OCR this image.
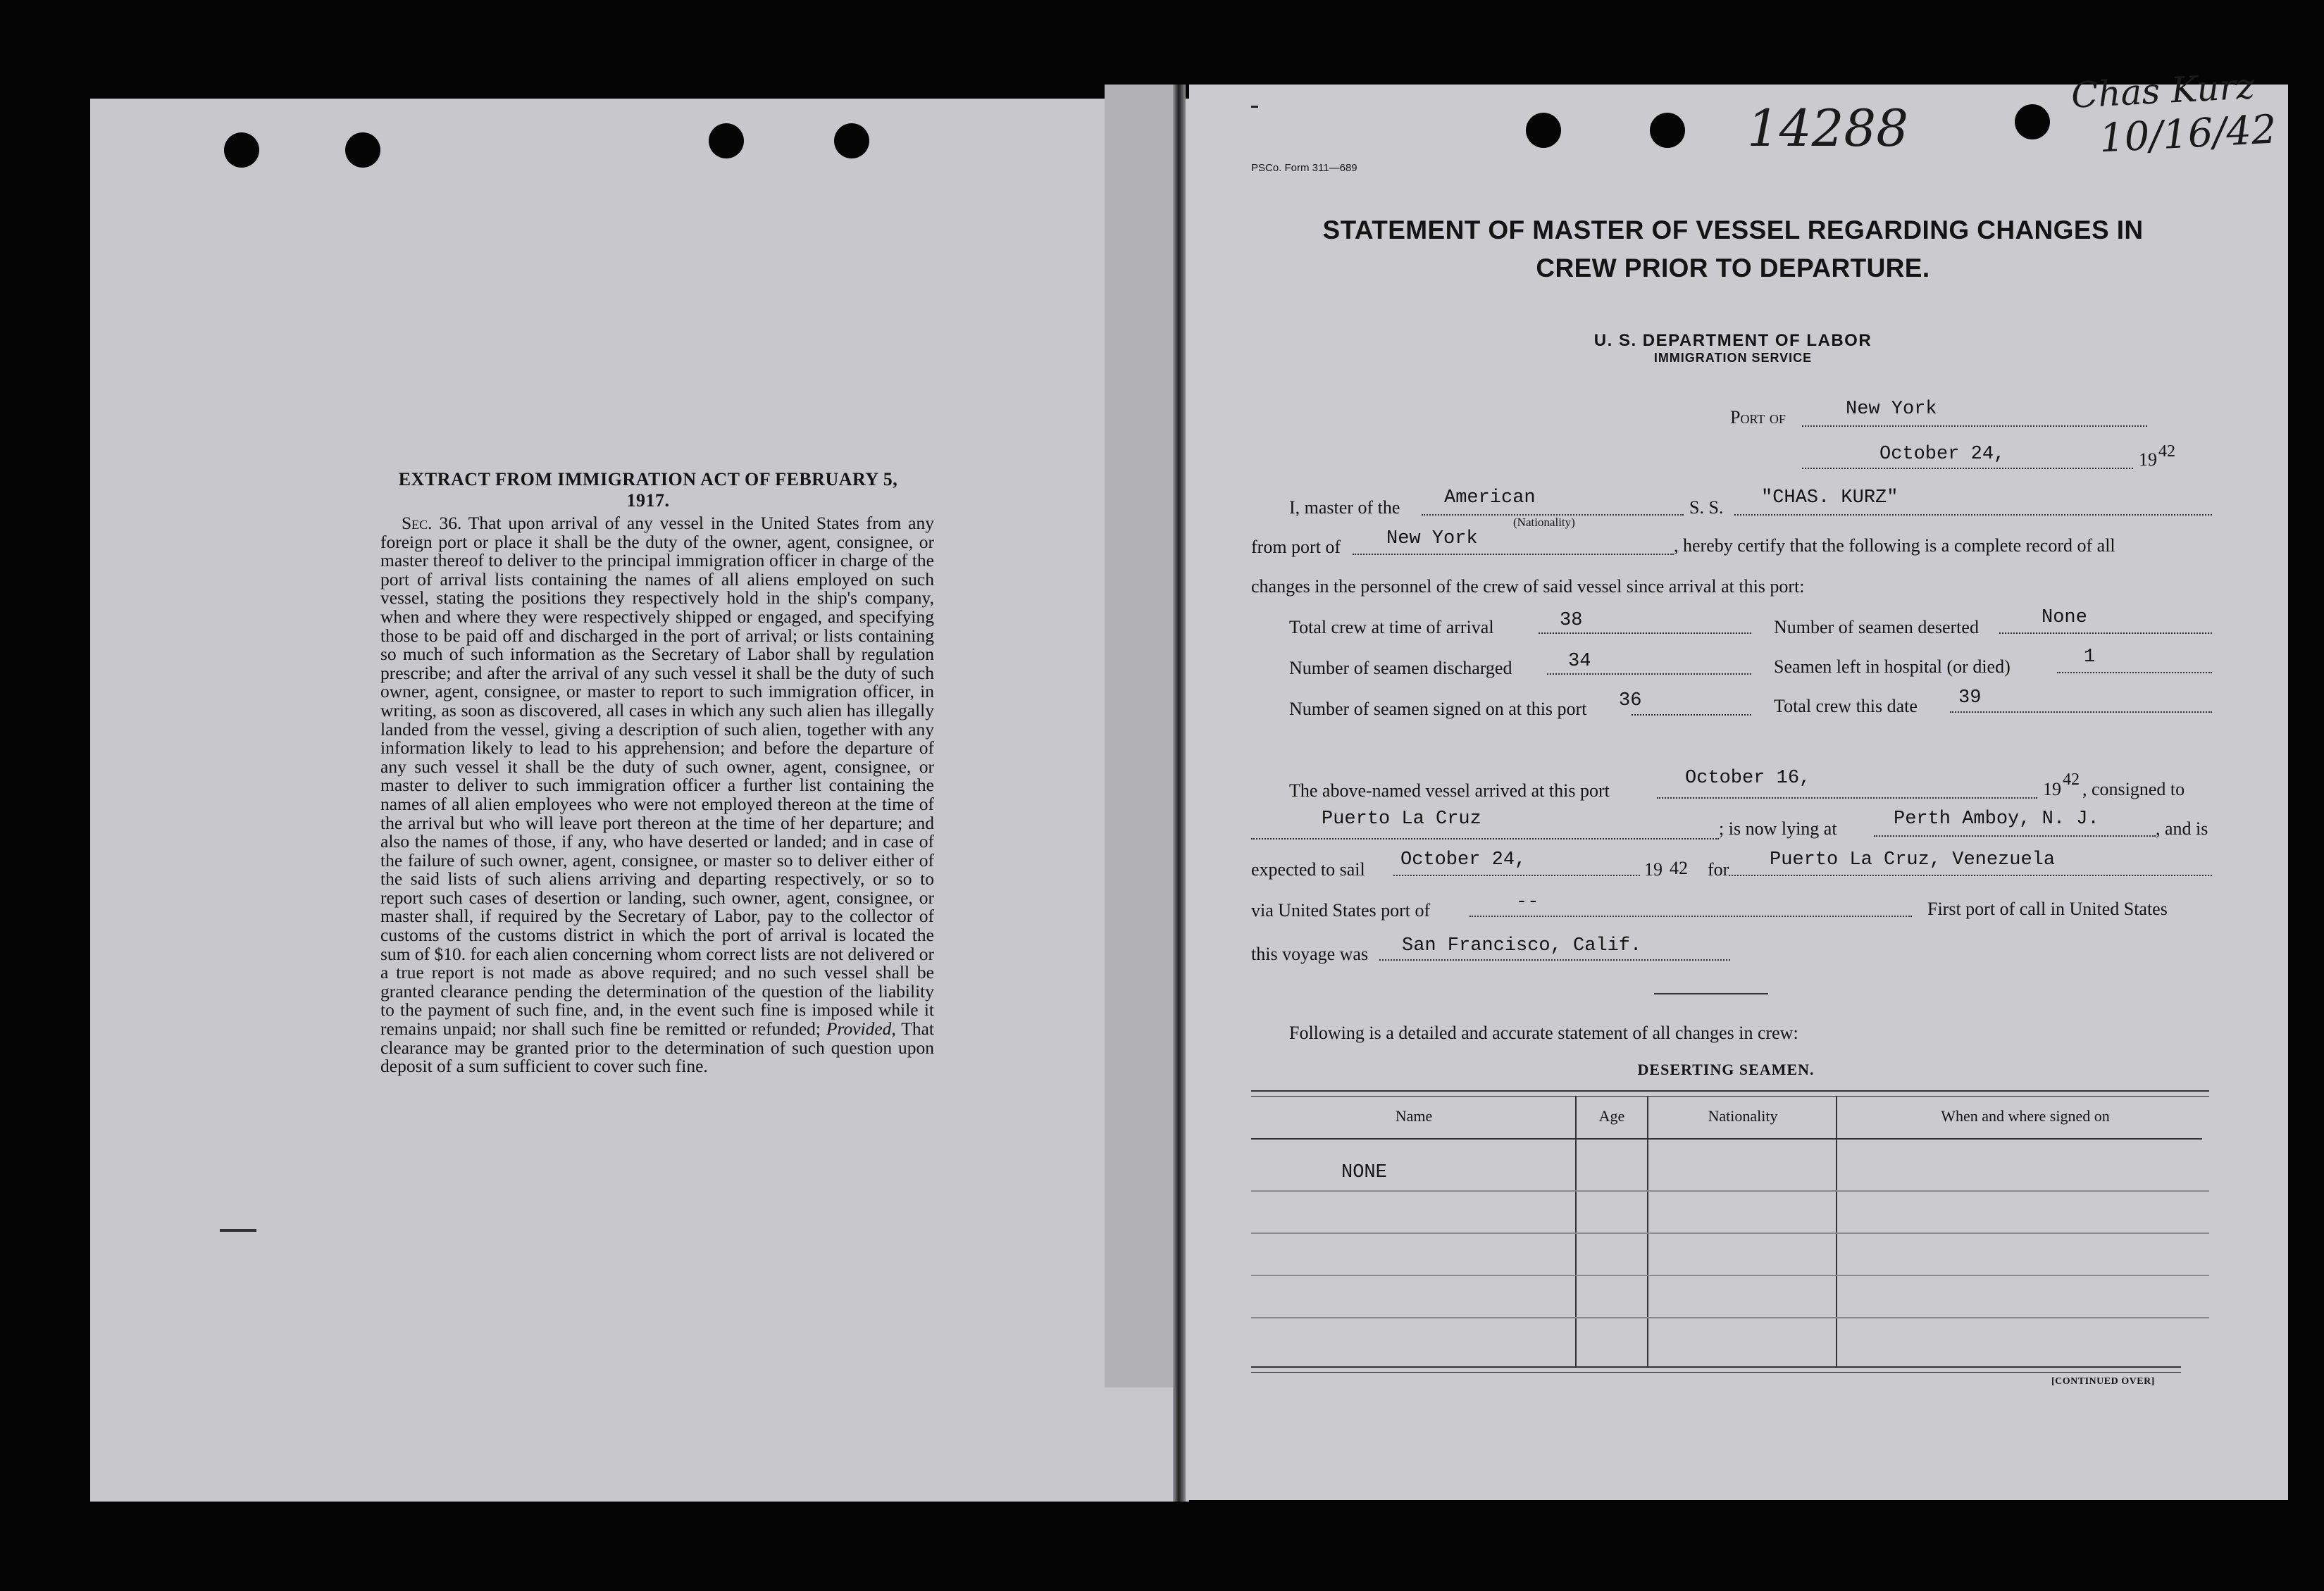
14288
Chas Kurz
10/16/42
EXTRACT FROM IMMIGRATION ACT OF FEBRUARY 5, 1917.
Sec. 36. That upon arrival of any vessel in the United States from any foreign port or place it shall be the duty of the owner, agent, consignee, or master thereof to deliver to the principal immigration officer in charge of the port of arrival lists containing the names of all aliens employed on such vessel, stating the positions they respectively hold in the ship's company, when and where they were respectively shipped or engaged, and specifying those to be paid off and discharged in the port of arrival; or lists containing so much of such information as the Secretary of Labor shall by regulation prescribe; and after the arrival of any such vessel it shall be the duty of such owner, agent, consignee, or master to report to such immigration officer, in writing, as soon as discovered, all cases in which any such alien has illegally landed from the vessel, giving a description of such alien, together with any information likely to lead to his apprehension; and before the departure of any such vessel it shall be the duty of such owner, agent, consignee, or master to deliver to such immigration officer a further list containing the names of all alien employees who were not employed thereon at the time of the arrival but who will leave port thereon at the time of her departure; and also the names of those, if any, who have deserted or landed; and in case of the failure of such owner, agent, consignee, or master so to deliver either of the said lists of such aliens arriving and departing respectively, or so to report such cases of desertion or landing, such owner, agent, consignee, or master shall, if required by the Secretary of Labor, pay to the collector of customs of the customs district in which the port of arrival is located the sum of $10. for each alien concerning whom correct lists are not delivered or a true report is not made as above required; and no such vessel shall be granted clearance pending the determination of the question of the liability to the payment of such fine, and, in the event such fine is imposed while it remains unpaid; nor shall such fine be remitted or refunded; Provided, That clearance may be granted prior to the determination of such question upon deposit of a sum sufficient to cover such fine.
PSCo. Form 311—689
STATEMENT OF MASTER OF VESSEL REGARDING CHANGES IN
CREW PRIOR TO DEPARTURE.
U. S. DEPARTMENT OF LABOR
IMMIGRATION SERVICE
Port of	New York
October 24,	19 42
I, master of the American
(Nationality)
S. S. "CHAS. KURZ"
from port of New York	, hereby certify that the following is a complete record of all
changes in the personnel of the crew of said vessel since arrival at this port:
Total crew at time of arrival	38	Number of seamen deserted	None
Number of seamen discharged	34	Seamen left in hospital (or died)	1
Number of seamen signed on at this port 36	Total crew this date 39
The above-named vessel arrived at this port
October 16,
19 42 , consigned to
Puerto La Cruz	; is now lying at	Perth Amboy, N. J.	, and is
expected to sail October 24,	19 42 for Puerto La Cruz, Venezuela
via United States port of	--	First port of call in United States
this voyage was San Francisco, Calif.
Following is a detailed and accurate statement of all changes in crew:
DESERTING SEAMEN.
Name	Age	Nationality	When and where signed on
NONE
[CONTINUED OVER]
